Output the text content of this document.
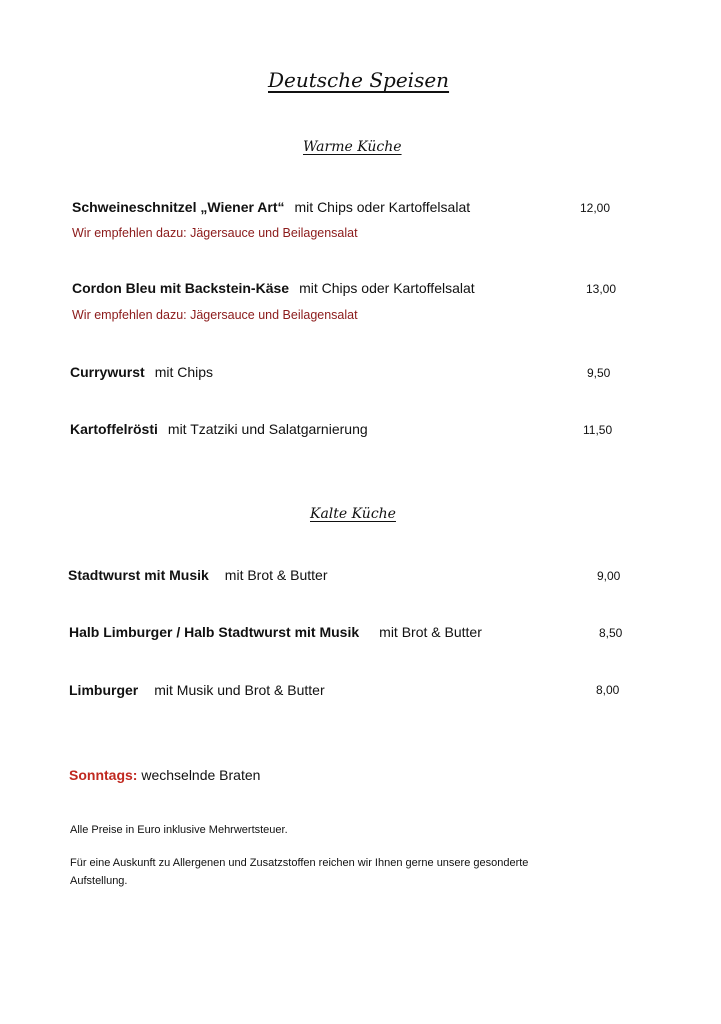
Deutsche Speisen
Warme Küche
Schweineschnitzel „Wiener Art“ mit Chips oder Kartoffelsalat	12,00
Wir empfehlen dazu: Jägersauce und Beilagensalat
Cordon Bleu mit Backstein-Käse mit Chips oder Kartoffelsalat	13,00
Wir empfehlen dazu: Jägersauce und Beilagensalat
Currywurst mit Chips	9,50
Kartoffelrösti mit Tzatziki und Salatgarnierung	11,50
Kalte Küche
Stadtwurst mit Musik mit Brot & Butter	9,00
Halb Limburger / Halb Stadtwurst mit Musik mit Brot & Butter	8,50
Limburger mit Musik und Brot & Butter	8,00
Sonntags: wechselnde Braten
Alle Preise in Euro inklusive Mehrwertsteuer.
Für eine Auskunft zu Allergenen und Zusatzstoffen reichen wir Ihnen gerne unsere gesonderte
Aufstellung.
